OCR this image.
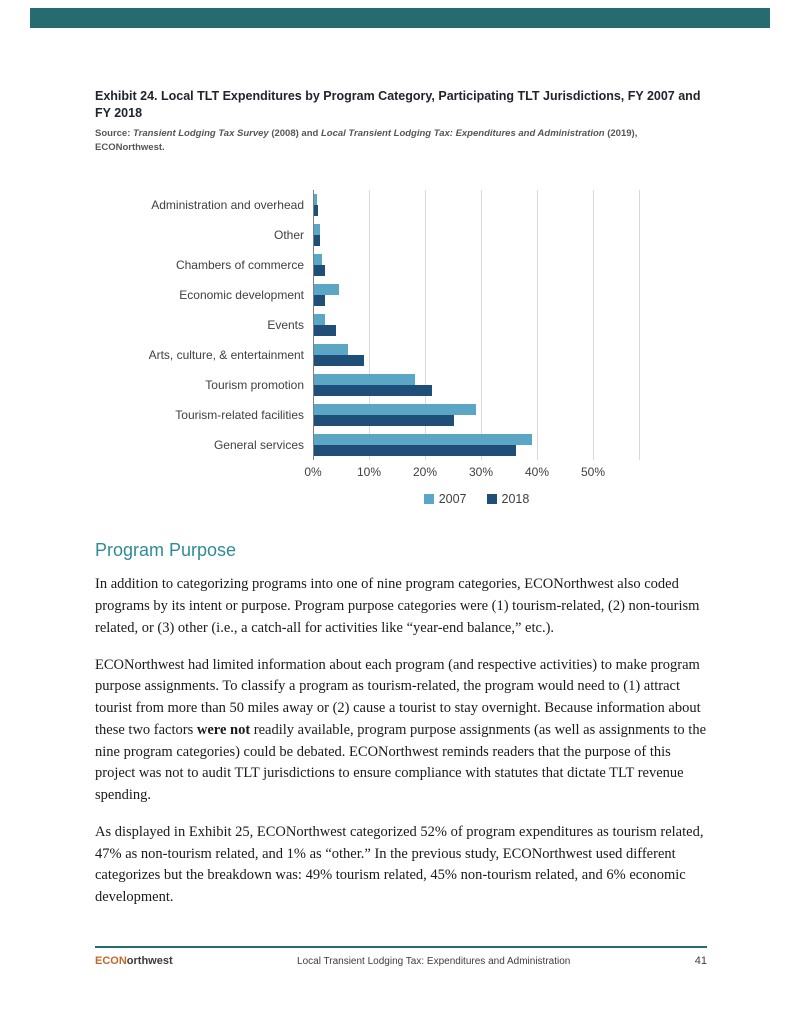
Exhibit 24. Local TLT Expenditures by Program Category, Participating TLT Jurisdictions, FY 2007 and FY 2018
Source: Transient Lodging Tax Survey (2008) and Local Transient Lodging Tax: Expenditures and Administration (2019), ECONorthwest.
Administration and overhead
Other
Chambers of commerce
Economic development
Events
Arts, culture, & entertainment
Tourism promotion
Tourism-related facilities
General services
0%	10%	20%	30%	40%	50%
2007	2018
Program Purpose

In addition to categorizing programs into one of nine program categories, ECONorthwest also coded programs by its intent or purpose. Program purpose categories were (1) tourism-related, (2) non-tourism related, or (3) other (i.e., a catch-all for activities like “year-end balance,” etc.).

ECONorthwest had limited information about each program (and respective activities) to make program purpose assignments. To classify a program as tourism-related, the program would need to (1) attract tourist from more than 50 miles away or (2) cause a tourist to stay overnight. Because information about these two factors were not readily available, program purpose assignments (as well as assignments to the nine program categories) could be debated. ECONorthwest reminds readers that the purpose of this project was not to audit TLT jurisdictions to ensure compliance with statutes that dictate TLT revenue spending.

As displayed in Exhibit 25, ECONorthwest categorized 52% of program expenditures as tourism related, 47% as non-tourism related, and 1% as “other.” In the previous study, ECONorthwest used different categorizes but the breakdown was: 49% tourism related, 45% non-tourism related, and 6% economic development.

ECONorthwest	Local Transient Lodging Tax: Expenditures and Administration	41
